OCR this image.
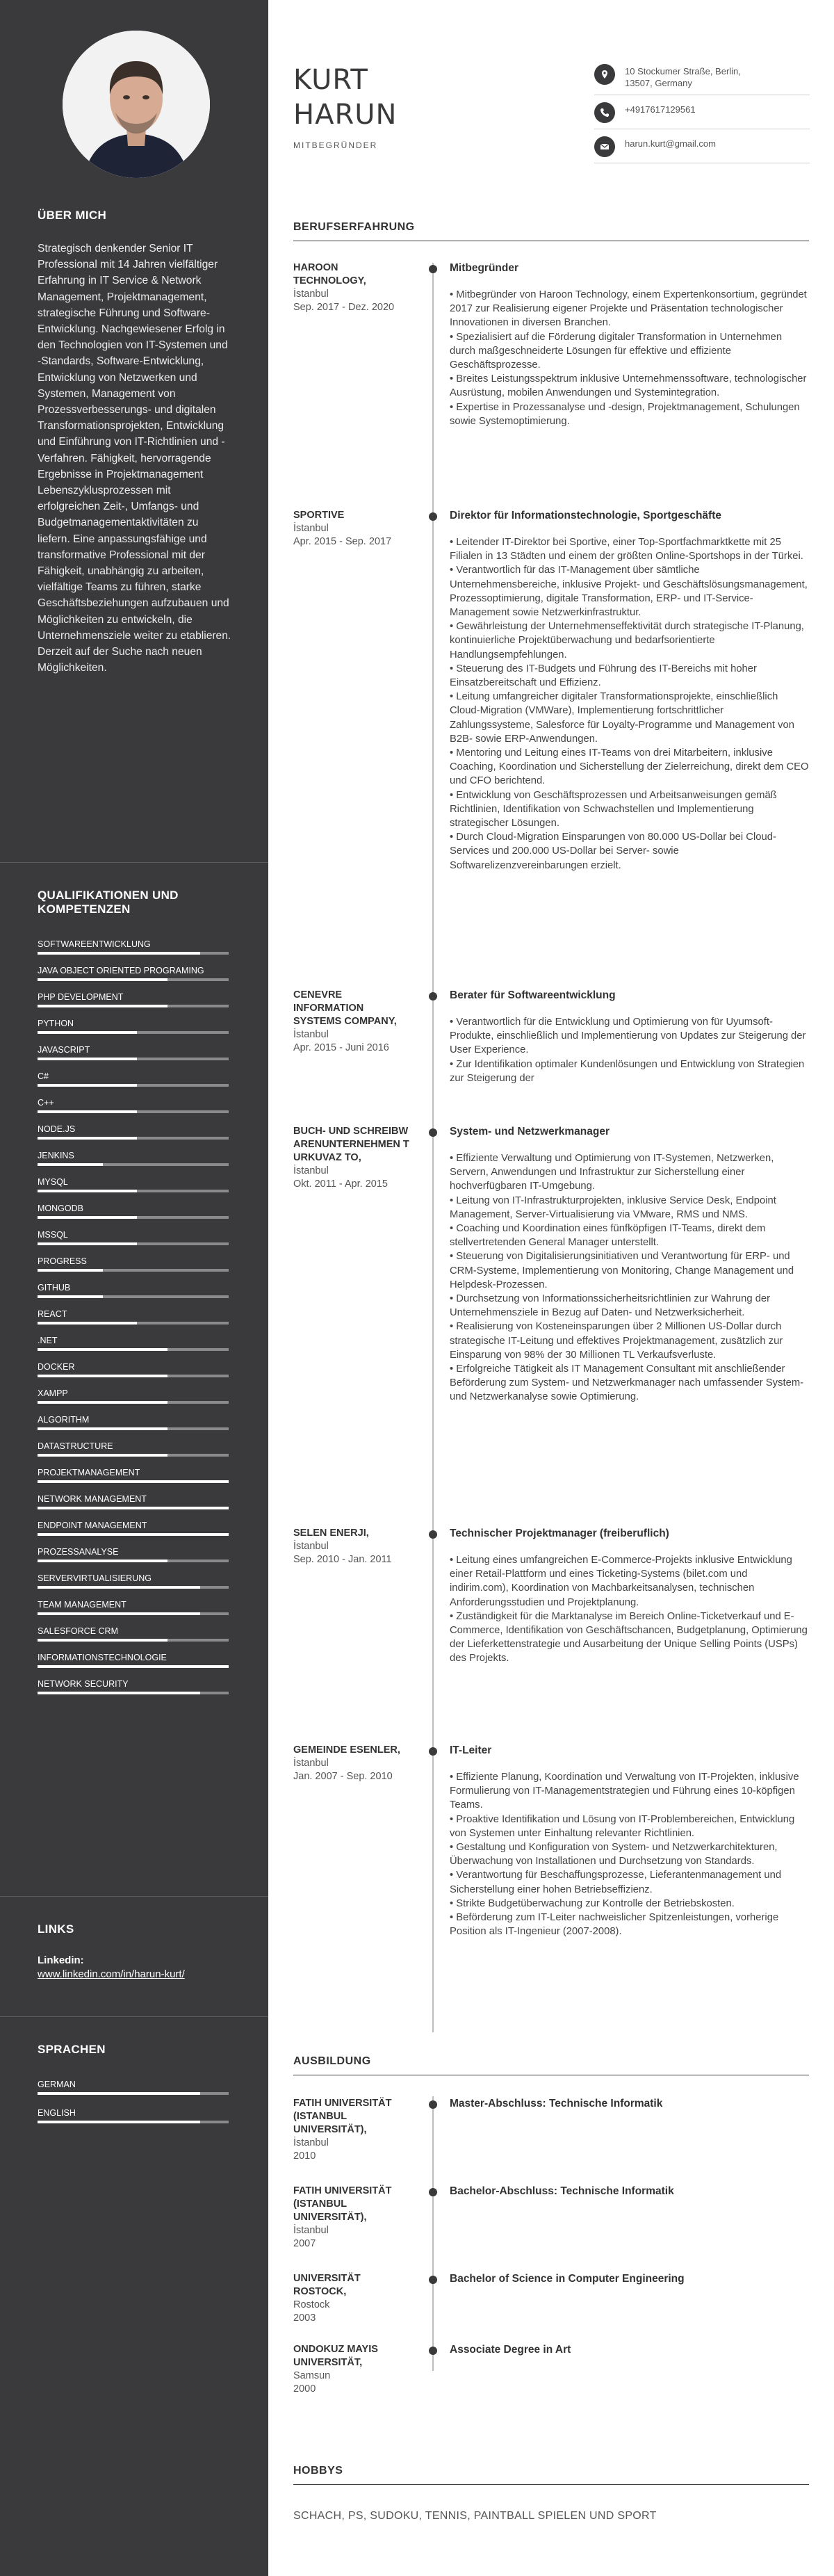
ÜBER MICH
Strategisch denkender Senior IT Professional mit 14 Jahren vielfältiger Erfahrung in IT Service & Network Management, Projektmanagement, strategische Führung und Software-Entwicklung. Nachgewiesener Erfolg in den Technologien von IT-Systemen und -Standards, Software-Entwicklung, Entwicklung von Netzwerken und Systemen, Management von Prozessverbesserungs- und digitalen Transformationsprojekten, Entwicklung und Einführung von IT-Richtlinien und -Verfahren. Fähigkeit, hervorragende Ergebnisse in Projektmanagement Lebenszyklusprozessen mit erfolgreichen Zeit-, Umfangs- und Budgetmanagementaktivitäten zu liefern. Eine anpassungsfähige und transformative Professional mit der Fähigkeit, unabhängig zu arbeiten, vielfältige Teams zu führen, starke Geschäftsbeziehungen aufzubauen und Möglichkeiten zu entwickeln, die Unternehmensziele weiter zu etablieren. Derzeit auf der Suche nach neuen Möglichkeiten.
QUALIFIKATIONEN UND KOMPETENZEN
SOFTWAREENTWICKLUNG
JAVA OBJECT ORIENTED PROGRAMING
PHP DEVELOPMENT
PYTHON
JAVASCRIPT
C#
C++
NODE.JS
JENKINS
MYSQL
MONGODB
MSSQL
PROGRESS
GITHUB
REACT
.NET
DOCKER
XAMPP
ALGORITHM
DATASTRUCTURE
PROJEKTMANAGEMENT
NETWORK MANAGEMENT
ENDPOINT MANAGEMENT
PROZESSANALYSE
SERVERVIRTUALISIERUNG
TEAM MANAGEMENT
SALESFORCE CRM
INFORMATIONSTECHNOLOGIE
NETWORK SECURITY
LINKS
Linkedin:
www.linkedin.com/in/harun-kurt/
SPRACHEN
GERMAN
ENGLISH
KURT
HARUN
MITBEGRÜNDER
10 Stockumer Straße, Berlin, 13507, Germany
+4917617129561
harun.kurt@gmail.com
BERUFSERFAHRUNG
HAROON TECHNOLOGY,
İstanbul
Sep. 2017 - Dez. 2020
Mitbegründer
• Mitbegründer von Haroon Technology, einem Expertenkonsortium, gegründet 2017 zur Realisierung eigener Projekte und Präsentation technologischer Innovationen in diversen Branchen.
• Spezialisiert auf die Förderung digitaler Transformation in Unternehmen durch maßgeschneiderte Lösungen für effektive und effiziente Geschäftsprozesse.
• Breites Leistungsspektrum inklusive Unternehmenssoftware, technologischer Ausrüstung, mobilen Anwendungen und Systemintegration.
• Expertise in Prozessanalyse und -design, Projektmanagement, Schulungen sowie Systemoptimierung.
SPORTIVE
İstanbul
Apr. 2015 - Sep. 2017
Direktor für Informationstechnologie, Sportgeschäfte
• Leitender IT-Direktor bei Sportive, einer Top-Sportfachmarktkette mit 25 Filialen in 13 Städten und einem der größten Online-Sportshops in der Türkei.
• Verantwortlich für das IT-Management über sämtliche Unternehmensbereiche, inklusive Projekt- und Geschäftslösungsmanagement, Prozessoptimierung, digitale Transformation, ERP- und IT-Service-Management sowie Netzwerkinfrastruktur.
• Gewährleistung der Unternehmenseffektivität durch strategische IT-Planung, kontinuierliche Projektüberwachung und bedarfsorientierte Handlungsempfehlungen.
• Steuerung des IT-Budgets und Führung des IT-Bereichs mit hoher Einsatzbereitschaft und Effizienz.
• Leitung umfangreicher digitaler Transformationsprojekte, einschließlich Cloud-Migration (VMWare), Implementierung fortschrittlicher Zahlungssysteme, Salesforce für Loyalty-Programme und Management von B2B- sowie ERP-Anwendungen.
• Mentoring und Leitung eines IT-Teams von drei Mitarbeitern, inklusive Coaching, Koordination und Sicherstellung der Zielerreichung, direkt dem CEO und CFO berichtend.
• Entwicklung von Geschäftsprozessen und Arbeitsanweisungen gemäß Richtlinien, Identifikation von Schwachstellen und Implementierung strategischer Lösungen.
• Durch Cloud-Migration Einsparungen von 80.000 US-Dollar bei Cloud-Services und 200.000 US-Dollar bei Server- sowie Softwarelizenzvereinbarungen erzielt.
CENEVRE INFORMATION SYSTEMS COMPANY,
İstanbul
Apr. 2015 - Juni 2016
Berater für Softwareentwicklung
• Verantwortlich für die Entwicklung und Optimierung von für Uyumsoft-Produkte, einschließlich und Implementierung von Updates zur Steigerung der User Experience.
• Zur Identifikation optimaler Kundenlösungen und Entwicklung von Strategien zur Steigerung der
BUCH- UND SCHREIBWARENUNTERNEHMEN TURKUVAZ TO,
İstanbul
Okt. 2011 - Apr. 2015
System- und Netzwerkmanager
• Effiziente Verwaltung und Optimierung von IT-Systemen, Netzwerken, Servern, Anwendungen und Infrastruktur zur Sicherstellung einer hochverfügbaren IT-Umgebung.
• Leitung von IT-Infrastrukturprojekten, inklusive Service Desk, Endpoint Management, Server-Virtualisierung via VMware, RMS und NMS.
• Coaching und Koordination eines fünfköpfigen IT-Teams, direkt dem stellvertretenden General Manager unterstellt.
• Steuerung von Digitalisierungsinitiativen und Verantwortung für ERP- und CRM-Systeme, Implementierung von Monitoring, Change Management und Helpdesk-Prozessen.
• Durchsetzung von Informationssicherheitsrichtlinien zur Wahrung der Unternehmensziele in Bezug auf Daten- und Netzwerksicherheit.
• Realisierung von Kosteneinsparungen über 2 Millionen US-Dollar durch strategische IT-Leitung und effektives Projektmanagement, zusätzlich zur Einsparung von 98% der 30 Millionen TL Verkaufsverluste.
• Erfolgreiche Tätigkeit als IT Management Consultant mit anschließender Beförderung zum System- und Netzwerkmanager nach umfassender System- und Netzwerkanalyse sowie Optimierung.
SELEN ENERJI,
İstanbul
Sep. 2010 - Jan. 2011
Technischer Projektmanager (freiberuflich)
• Leitung eines umfangreichen E-Commerce-Projekts inklusive Entwicklung einer Retail-Plattform und eines Ticketing-Systems (bilet.com und indirim.com), Koordination von Machbarkeitsanalysen, technischen Anforderungsstudien und Projektplanung.
• Zuständigkeit für die Marktanalyse im Bereich Online-Ticketverkauf und E-Commerce, Identifikation von Geschäftschancen, Budgetplanung, Optimierung der Lieferkettenstrategie und Ausarbeitung der Unique Selling Points (USPs) des Projekts.
GEMEINDE ESENLER,
İstanbul
Jan. 2007 - Sep. 2010
IT-Leiter
• Effiziente Planung, Koordination und Verwaltung von IT-Projekten, inklusive Formulierung von IT-Managementstrategien und Führung eines 10-köpfigen Teams.
• Proaktive Identifikation und Lösung von IT-Problembereichen, Entwicklung von Systemen unter Einhaltung relevanter Richtlinien.
• Gestaltung und Konfiguration von System- und Netzwerkarchitekturen, Überwachung von Installationen und Durchsetzung von Standards.
• Verantwortung für Beschaffungsprozesse, Lieferantenmanagement und Sicherstellung einer hohen Betriebseffizienz.
• Strikte Budgetüberwachung zur Kontrolle der Betriebskosten.
• Beförderung zum IT-Leiter nachweislicher Spitzenleistungen, vorherige Position als IT-Ingenieur (2007-2008).
AUSBILDUNG
FATIH UNIVERSITÄT (ISTANBUL UNIVERSITÄT),
İstanbul
2010
Master-Abschluss: Technische Informatik
FATIH UNIVERSITÄT (ISTANBUL UNIVERSITÄT),
İstanbul
2007
Bachelor-Abschluss: Technische Informatik
UNIVERSITÄT ROSTOCK,
Rostock
2003
Bachelor of Science in Computer Engineering
ONDOKUZ MAYIS UNIVERSITÄT,
Samsun
2000
Associate Degree in Art
HOBBYS
SCHACH, PS, SUDOKU, TENNIS, PAINTBALL SPIELEN UND SPORT
